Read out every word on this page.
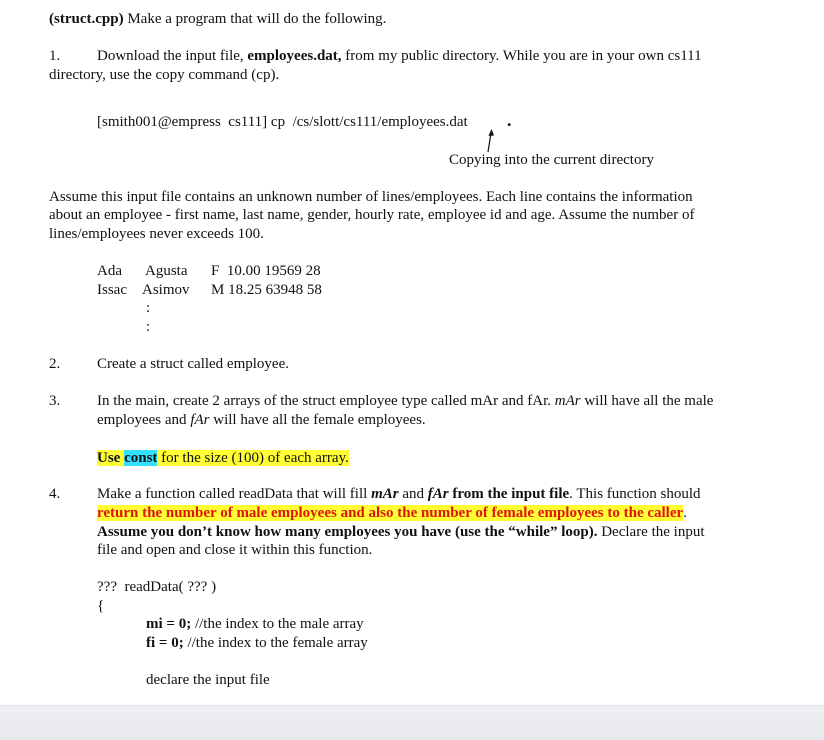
(struct.cpp) Make a program that will do the following.
1. Download the input file, employees.dat, from my public directory. While you are in your own cs111
directory, use the copy command (cp).
[smith001@empress  cs111] cp  /cs/slott/cs111/employees.dat .
Copying into the current directory
Assume this input file contains an unknown number of lines/employees. Each line contains the information
about an employee - first name, last name, gender, hourly rate, employee id and age. Assume the number of
lines/employees never exceeds 100.
Ada Agusta F  10.00 19569 28
Issac Asimov M 18.25 63948 58
:
:
2. Create a struct called employee.
3. In the main, create 2 arrays of the struct employee type called mAr and fAr. mAr will have all the male
employees and fAr will have all the female employees.
Use const for the size (100) of each array.
4. Make a function called readData that will fill mAr and fAr from the input file. This function should
return the number of male employees and also the number of female employees to the caller.
Assume you don’t know how many employees you have (use the “while” loop). Declare the input
file and open and close it within this function.
???  readData( ??? )
{
mi = 0; //the index to the male array
fi = 0; //the index to the female array
declare the input file
